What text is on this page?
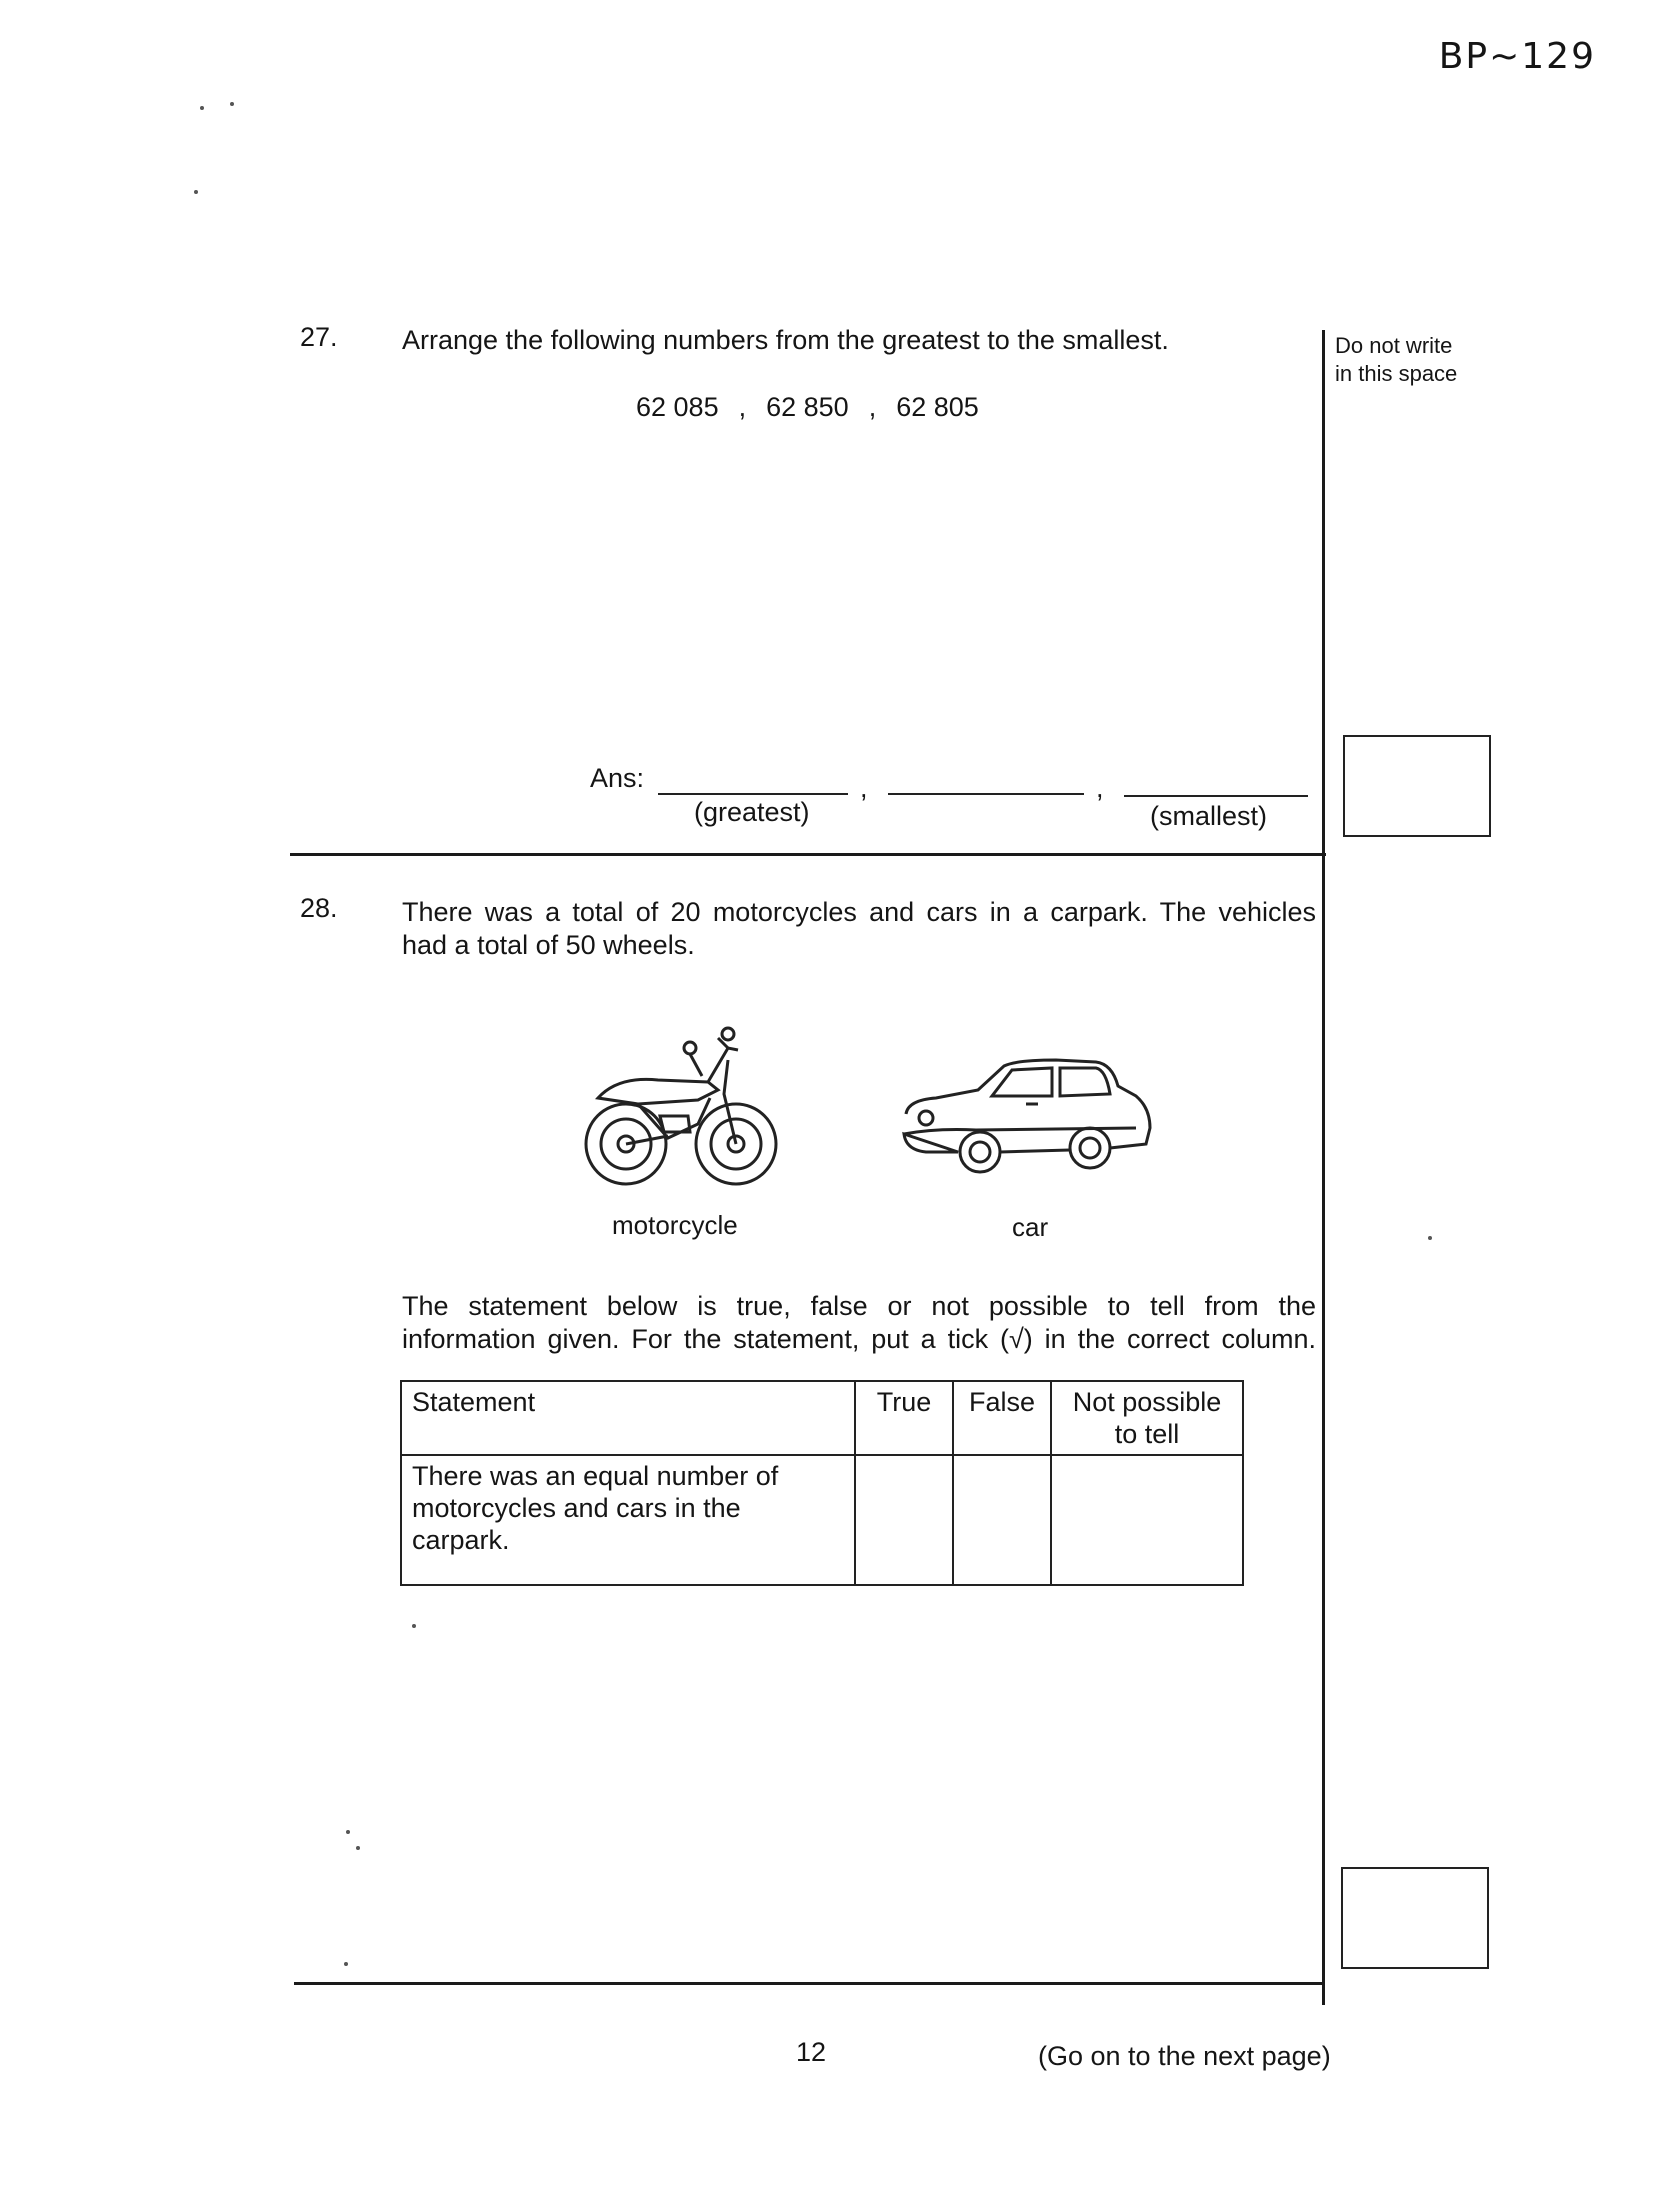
BP~129
Do not write
in this space
27. Arrange the following numbers from the greatest to the smallest.
62 085 , 62 850 , 62 805
Ans:	,	,
(greatest)	(smallest)
28. There was a total of 20 motorcycles and cars in a carpark. The vehicles
had a total of 50 wheels.
motorcycle	car
The statement below is true, false or not possible to tell from the
information given. For the statement, put a tick (√) in the correct column.
Statement	True	False	Not possible to tell
There was an equal number of motorcycles and cars in the carpark.			
12	(Go on to the next page)
